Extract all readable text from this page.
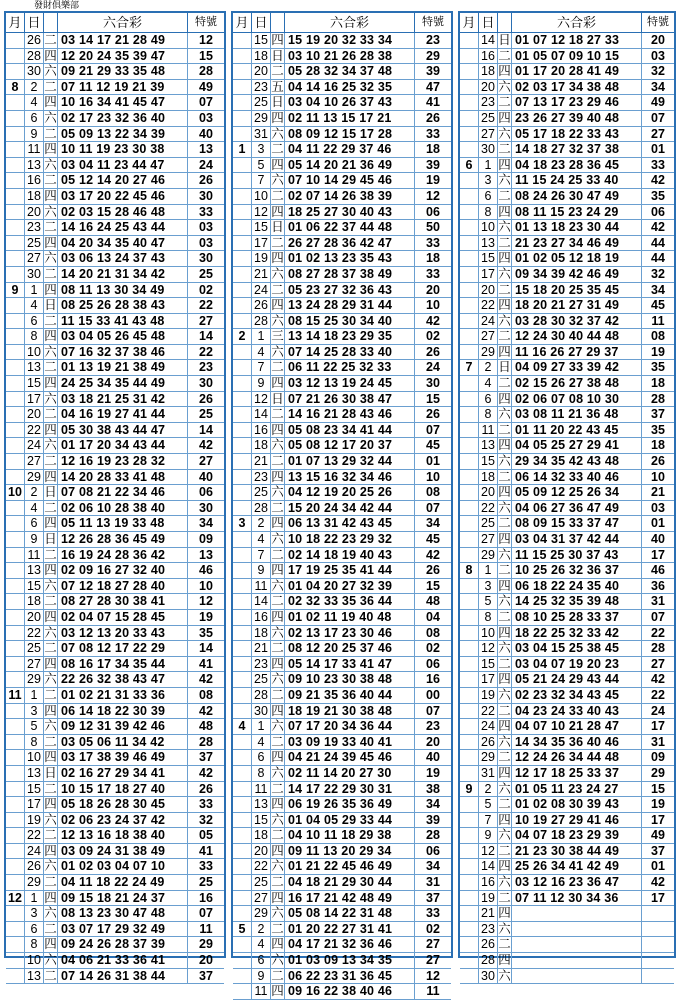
發財俱樂部
月 日	六合彩	特號
26 二 03 14 17 21 28 49	12
28 四 12 20 24 35 39 47	15
30 六 09 21 29 33 35 48	28
8 2 二 07 11 12 19 21 39	49
4 四 10 16 34 41 45 47	07
6 六 02 17 23 32 36 40	03
9 二 05 09 13 22 34 39	40
11 四 10 11 19 23 30 38	13
13 六 03 04 11 23 44 47	24
16 二 05 12 14 20 27 46	26
18 四 03 17 20 22 45 46	30
20 六 02 03 15 28 46 48	33
23 二 14 16 24 25 43 44	03
25 四 04 20 34 35 40 47	03
27 六 03 06 13 24 37 43	30
30 二 14 20 21 31 34 42	25
9 1 四 08 11 13 30 34 49	02
4 日 08 25 26 28 38 43	22
6 二 11 15 33 41 43 48	27
8 四 03 04 05 26 45 48	14
10 六 07 16 32 37 38 46	22
13 二 01 13 19 21 38 49	23
15 四 24 25 34 35 44 49	30
17 六 03 18 21 25 31 42	26
20 二 04 16 19 27 41 44	25
22 四 05 30 38 43 44 47	14
24 六 01 17 20 34 43 44	42
27 二 12 16 19 23 28 32	27
29 四 14 20 28 33 41 48	40
10 2 日 07 08 21 22 34 46	06
4 二 02 06 10 28 38 40	30
6 四 05 11 13 19 33 48	34
9 日 12 26 28 36 45 49	09
11 二 16 19 24 28 36 42	13
13 四 02 09 16 27 32 40	46
15 六 07 12 18 27 28 40	10
18 二 08 27 28 30 38 41	12
20 四 02 04 07 15 28 45	19
22 六 03 12 13 20 33 43	35
25 二 07 08 12 17 22 29	14
27 四 08 16 17 34 35 44	41
29 六 22 26 32 38 43 47	42
11 1 二 01 02 21 31 33 36	08
3 四 06 14 18 22 30 39	42
5 六 09 12 31 39 42 46	48
8 二 03 05 06 11 34 42	28
10 四 03 17 38 39 46 49	37
13 日 02 16 27 29 34 41	42
15 二 10 15 17 18 27 40	26
17 四 05 18 26 28 30 45	33
19 六 02 06 23 24 37 42	32
22 二 12 13 16 18 38 40	05
24 四 03 09 24 31 38 49	41
26 六 01 02 03 04 07 10	33
29 二 04 11 18 22 24 49	25
12 1 四 09 15 18 21 24 37	16
3 六 08 13 23 30 47 48	07
6 二 03 07 17 29 32 49	11
8 四 09 24 26 28 37 39	29
10 六 04 06 21 33 36 41	20
13 二 07 14 26 31 38 44	37
月 日	六合彩	特號
15 四 15 19 20 32 33 34	23
18 日 03 10 21 26 28 38	29
20 二 05 28 32 34 37 48	39
23 五 04 14 16 25 32 35	47
25 日 03 04 10 26 37 43	41
29 四 02 11 13 15 17 21	26
31 六 08 09 12 15 17 28	33
1 3 二 04 11 22 29 37 46	18
5 四 05 14 20 21 36 49	39
7 六 07 10 14 29 45 46	19
10 二 02 07 14 26 38 39	12
12 四 18 25 27 30 40 43	06
15 日 01 06 22 37 44 48	50
17 二 26 27 28 36 42 47	33
19 四 01 02 13 23 35 43	18
21 六 08 27 28 37 38 49	33
24 二 05 23 27 32 36 43	20
26 四 13 24 28 29 31 44	10
28 六 08 15 25 30 34 40	42
2 1 三 13 14 18 23 29 35	02
4 六 07 14 25 28 33 40	26
7 二 06 11 22 25 32 33	24
9 四 03 12 13 19 24 45	30
12 日 07 21 26 30 38 47	15
14 二 14 16 21 28 43 46	26
16 四 05 08 23 34 41 44	07
18 六 05 08 12 17 20 37	45
21 二 01 07 13 29 32 44	01
23 四 13 15 16 32 34 46	10
25 六 04 12 19 20 25 26	08
28 二 15 20 24 34 42 44	07
3 2 四 06 13 31 42 43 45	34
4 六 10 18 22 23 29 32	45
7 二 02 14 18 19 40 43	42
9 四 17 19 25 35 41 44	26
11 六 01 04 20 27 32 39	15
14 二 02 32 33 35 36 44	48
16 四 01 02 11 19 40 48	04
18 六 02 13 17 23 30 46	08
21 二 08 12 20 25 37 46	02
23 四 05 14 17 33 41 47	06
25 六 09 10 23 30 38 48	16
28 二 09 21 35 36 40 44	00
30 四 18 19 21 30 38 48	07
4 1 六 07 17 20 34 36 44	23
4 二 03 09 19 33 40 41	20
6 四 04 21 24 39 45 46	40
8 六 02 11 14 20 27 30	19
11 二 14 17 22 29 30 31	38
13 四 06 19 26 35 36 49	34
15 六 01 04 05 29 33 44	39
18 二 04 10 11 18 29 38	28
20 四 09 11 13 20 29 34	06
22 六 01 21 22 45 46 49	34
25 二 04 18 21 29 30 44	31
27 四 16 17 21 42 48 49	37
29 六 05 08 14 22 31 48	33
5 2 二 01 20 22 27 31 41	02
4 四 04 17 21 32 36 46	27
6 六 01 03 09 13 34 35	27
9 二 06 22 23 31 36 45	12
11 四 09 16 22 38 40 46	11
月 日	六合彩	特號
14 日 01 07 12 18 27 33	20
16 二 01 05 07 09 10 15	03
18 四 01 17 20 28 41 49	32
20 六 02 03 17 34 38 48	34
23 二 07 13 17 23 29 46	49
25 四 23 26 27 39 40 48	07
27 六 05 17 18 22 33 43	27
30 二 14 18 27 32 37 38	01
6 1 四 04 18 23 28 36 45	33
3 六 11 15 24 25 33 40	42
6 二 08 24 26 30 47 49	35
8 四 08 11 15 23 24 29	06
10 六 01 13 18 23 30 44	42
13 二 21 23 27 34 46 49	44
15 四 01 02 05 12 18 19	44
17 六 09 34 39 42 46 49	32
20 二 15 18 20 25 35 45	34
22 四 18 20 21 27 31 49	45
24 六 03 28 30 32 37 42	11
27 二 12 24 30 40 44 48	08
29 四 11 16 26 27 29 37	19
7 2 日 04 09 27 33 39 42	35
4 二 02 15 26 27 38 48	18
6 四 02 06 07 08 10 30	28
8 六 03 08 11 21 36 48	37
11 二 01 11 20 22 43 45	35
13 四 04 05 25 27 29 41	18
15 六 29 34 35 42 43 48	26
18 二 06 14 32 33 40 46	10
20 四 05 09 12 25 26 34	21
22 六 04 06 27 36 47 49	03
25 二 08 09 15 33 37 47	01
27 四 03 04 31 37 42 44	40
29 六 11 15 25 30 37 43	17
8 1 二 10 25 26 32 36 37	46
3 四 06 18 22 24 35 40	36
5 六 14 25 32 35 39 48	31
8 二 08 10 25 28 33 37	07
10 四 18 22 25 32 33 42	22
12 六 03 04 15 25 38 45	28
15 二 03 04 07 19 20 23	27
17 四 05 21 24 29 43 44	42
19 六 02 23 32 34 43 45	22
22 二 04 23 24 33 40 43	24
24 四 04 07 10 21 28 47	17
26 六 14 34 35 36 40 46	31
29 二 12 24 26 34 44 48	09
31 四 12 17 18 25 33 37	29
9 2 六 01 05 11 23 24 27	15
5 二 01 02 08 30 39 43	19
7 四 10 19 27 29 41 46	17
9 六 04 07 18 23 29 39	49
12 二 21 23 30 38 44 49	37
14 四 25 26 34 41 42 49	01
16 六 03 12 16 23 36 47	42
19 二 07 11 12 30 34 36	17
21 四
23 六
26 二
28 四
30 六
